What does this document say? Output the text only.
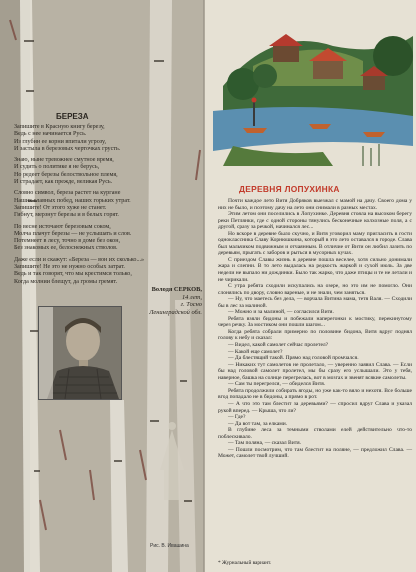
БЕРЕЗА
Запишите в Красную книгу березу,
Ведь с нее начинается Русь.
Из глубин ее корни впитали угрозу,
И застыла в березовых черточках грусть.
Знаю, ныне тревожнее смутное время,
И судить о политике я не берусь,
Но редеет березы белоствольное племя,
И страдает, как прежде, великая Русь.
Словно символ, береза растет на кургане
Наших славных побед, наших горьких утрат.
Запишите! От этого хуже не станет.
Гибнут, мерзнут березы и в белых горят.
По весне источают березовым соком,
Молча плачут березы — не услышать и слов.
Потемнеет в лесу, точно в доме без окон,
Без знакомых ее, белоснежных стволов.
Даже если и скажут: «Береза — вон их сколько...»
Запишите! Не это не нужно особых затрат.
Ведь и так говорят, что мы крестимся только,
Когда молнии блещут, да громы гремят.
Володя СЕРКОВ,
14 лет,
г. Тосно
Ленинградской обл.
Рис. В. Ивашина
ДЕРЕВНЯ ЛОПУХИНКА

Почти каждое лето Витя Добряков выезжал с мамой на дачу. Своего дома у них не было, и поэтому дачу на лето они снимали в разных местах.

Этим летом они поселились в Лопухинке. Деревня стояла на высоком берегу реки Петлянки, где с одной стороны тянулись бесконечные колхозные поля, а с другой, сразу за речкой, начинался лес...

Но вскоре в деревне было скучно, и Витя уговорил маму пригласить в гости одноклассника Славу Корнюшкина, который в это лето оставался в городе. Слава был мальчиком подвижным и отчаянным. В отличие от Вити он любил лазить по деревьям, прыгать с заборов и рыться в мусорных кучах.

С приездом Славы жизнь в деревне пошла веселее, хотя сильно донимали жара и слепни. В то лето выдалась на редкость жаркой и сухой июль. За две недели не выпало ни дождинки. Было так жарко, что даже птицы и те не летали и не чирикали.

С утра ребята сходили искупались на озере, но это им не помогло. Они слонялись по двору, словно вареные, и не знали, чем заняться.

— Ну, что маетесь без дела, — ворчала Витина мама, тетя Валя. — Сходили бы в лес за малиной.

— Можно и за малиной, — согласился Витя.

Ребята взяли бидоны и побежали наперегонки к мостику, перекинутому через речку. За мостиком они пошли шагом...

Когда ребята собрали примерно по половине бидона, Витя вдруг поднял голову к небу и сказал:

— Видел, какой самолет сейчас пролетел?

— Какой еще самолет?

— Да блестящий такой. Прямо над головой промчался.

— Никаких тут самолетов не пролетало, — уверенно заявил Слава. — Если бы над головой самолет пролетел, мы бы сразу его услышали. Это у тебя, наверное, башка на солнце перегрелась, вот в мозгах и звенят всякие самолеты.

— Сам ты перегрелся, — обиделся Витя.

Ребята продолжили собирать ягоды, но уже как-то вяло и нехотя. Все больше вгод попадало не в бидоны, а прямо в рот.

— А что это там блестит за деревьями? — спросил вдруг Слава и указал рукой вперед. — Крыша, что ли?

— Где?

— Да вот там, за елками.

В глубине леса за темными стволами елей действительно что-то поблескивало.

— Там поляна, — сказал Витя.

— Пошли посмотрим, что там блестит на поляне, — предложил Слава. — Может, самолет твой лучший.

* Журнальный вариант.
